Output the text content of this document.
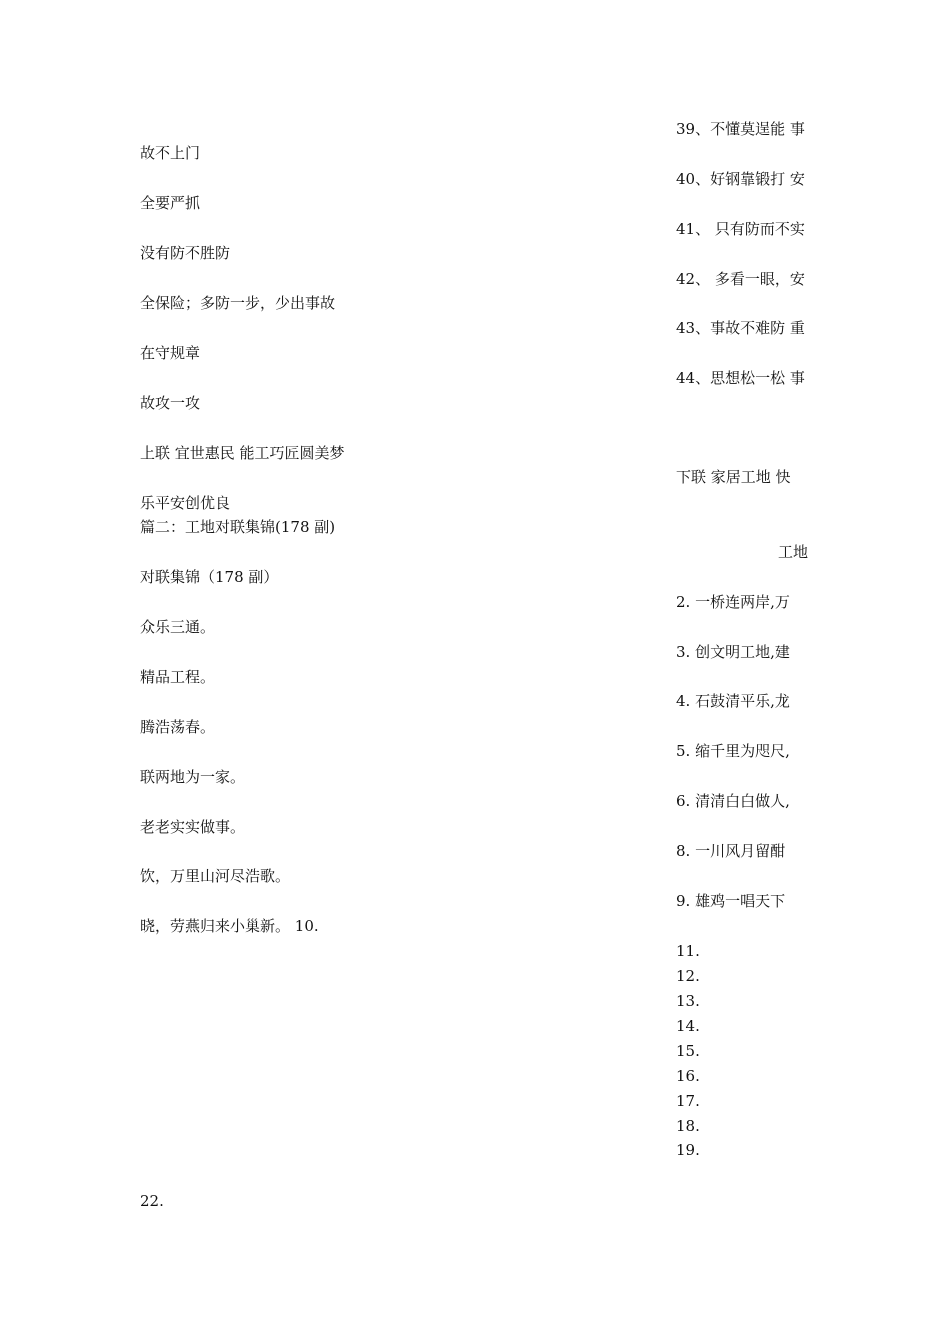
故不上门
全要严抓
没有防不胜防
全保险；多防一步，少出事故
在守规章
故攻一攻
上联 宜世惠民 能工巧匠圆美梦
乐平安创优良
篇二：工地对联集锦(178 副)
对联集锦（178 副）
众乐三通。
精品工程。
腾浩荡春。
联两地为一家。
老老实实做事。
饮，万里山河尽浩歌。
晓，劳燕归来小巢新。 10.
22.
39、不懂莫逞能 事
40、好钢靠锻打 安
41、 只有防而不实
42、 多看一眼，安
43、事故不难防 重
44、思想松一松 事
下联 家居工地 快
工地
2. 一桥连两岸,万
3. 创文明工地,建
4. 石鼓清平乐,龙
5. 缩千里为咫尺,
6. 清清白白做人,
8. 一川风月留酣
9. 雄鸡一唱天下
11.
12.
13.
14.
15.
16.
17.
18.
19.
